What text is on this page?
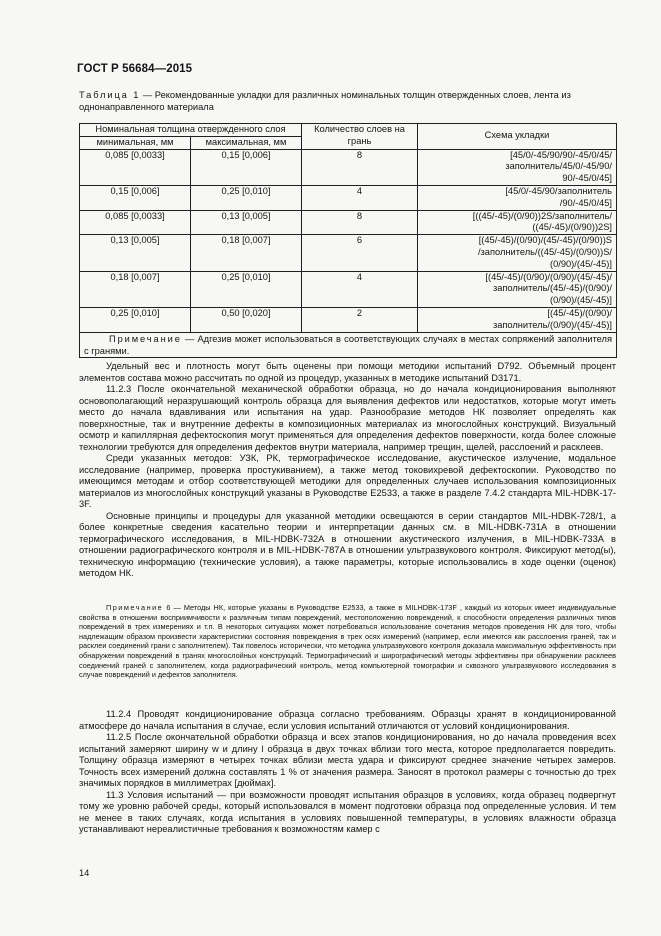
ГОСТ Р 56684—2015
Таблица 1 — Рекомендованные укладки для различных номинальных толщин отвержденных слоев, лента из однонаправленного материала
Номинальная толщина отвержденного слоя		Количество слоев на грань	Схема укладки
минимальная, мм	максимальная, мм		
0,085 [0,0033]	0,15 [0,006]	8	[45/0/-45/90/90/-45/0/45/
заполнитель/45/0/-45/90/
90/-45/0/45]

0,15 [0,006]	0,25 [0,010]	4	[45/0/-45/90/заполнитель
/90/-45/0/45]

0,085 [0,0033]	0,13 [0,005]	8	[((45/-45)/(0/90))2S/заполнитель/
((45/-45)/(0/90))2S]

0,13 [0,005]	0,18 [0,007]	6	[(45/-45)/(0/90)/(45/-45)/(0/90))S
/заполнитель/((45/-45)/(0/90))S/
(0/90)/(45/-45)]

0,18 [0,007]	0,25 [0,010]	4	[(45/-45)/(0/90)/(0/90)/(45/-45)/
заполнитель/(45/-45)/(0/90)/
(0/90)/(45/-45)]

0,25 [0,010]	0,50 [0,020]	2	[(45/-45)/(0/90)/
заполнитель/(0/90)/(45/-45)]

Примечание — Адгезив может использоваться в соответствующих случаях в местах сопряжений заполнителя с гранями.			

Удельный вес и плотность могут быть оценены при помощи методики испытаний D792. Объемный процент элементов состава можно рассчитать по одной из процедур, указанных в методике испытаний D3171.

11.2.3 После окончательной механической обработки образца, но до начала кондиционирования выполняют основополагающий неразрушающий контроль образца для выявления дефектов или недостатков, которые могут иметь место до начала вдавливания или испытания на удар. Разнообразие методов НК позволяет определять как поверхностные, так и внутренние дефекты в композиционных материалах из многослойных конструкций. Визуальный осмотр и капиллярная дефектоскопия могут применяться для определения дефектов поверхности, когда более сложные технологии требуются для определения дефектов внутри материала, например трещин, щелей, расслоений и расклеев.

Среди указанных методов: УЗК, РК, термографическое исследование, акустическое излучение, модальное исследование (например, проверка простукиванием), а также метод токовихревой дефектоскопии. Руководство по имеющимся методам и отбор соответствующей методики для определенных случаев использования композиционных материалов из многослойных конструкций указаны в Руководстве E2533, а также в разделе 7.4.2 стандарта MIL-HDBK-17-3F.

Основные принципы и процедуры для указанной методики освещаются в серии стандартов MIL-HDBK-728/1, а более конкретные сведения касательно теории и интерпретации данных см. в MIL-HDBK-731A в отношении термографического исследования, в MIL-HDBK-732A в отношении акустического излучения, в MIL-HDBK-733A в отношении радиографического контроля и в MIL-HDBK-787A в отношении ультразвукового контроля. Фиксируют метод(ы), техническую информацию (технические условия), а также параметры, которые использовались в ходе оценки (оценок) методом НК.

Примечание 6 — Методы НК, которые указаны в Руководстве E2533, а также в MILHDBK-173F , каждый из которых имеет индивидуальные свойства в отношении восприимчивости к различным типам повреждений, местоположению повреждений, к способности определения различных типов повреждений в трех измерениях и т.п. В некоторых ситуациях может потребоваться использование сочетания методов проведения НК для того, чтобы надлежащим образом произвести характеристики состояния повреждения в трех осях измерений (например, если имеются как расслоения граней, так и расклеи соединений грани с заполнителем). Так повелось исторически, что методика ультразвукового контроля доказала максимальную эффективность при обнаружении повреждений в гранях многослойных конструкций. Термографический и ширографический методы эффективны при обнаружении расклеев соединений граней с заполнителем, когда радиографический контроль, метод компьютерной томографии и сквозного ультразвукового исследования в случае повреждений и дефектов заполнителя.

11.2.4 Проводят кондиционирование образца согласно требованиям. Образцы хранят в кондиционированной атмосфере до начала испытания в случае, если условия испытаний отличаются от условий кондиционирования.

11.2.5 После окончательной обработки образца и всех этапов кондиционирования, но до начала проведения всех испытаний замеряют ширину w и длину l образца в двух точках вблизи того места, которое предполагается повредить. Толщину образца измеряют в четырех точках вблизи места удара и фиксируют среднее значение четырех замеров. Точность всех измерений должна составлять 1 % от значения размера. Заносят в протокол размеры с точностью до трех значимых порядков в миллиметрах [дюймах].

11.3 Условия испытаний — при возможности проводят испытания образцов в условиях, когда образец подвергнут тому же уровню рабочей среды, который использовался в момент подготовки образца под определенные условия. И тем не менее в таких случаях, когда испытания в условиях повышенной температуры, в условиях влажности образца устанавливают нереалистичные требования к возможностям камер с

14
